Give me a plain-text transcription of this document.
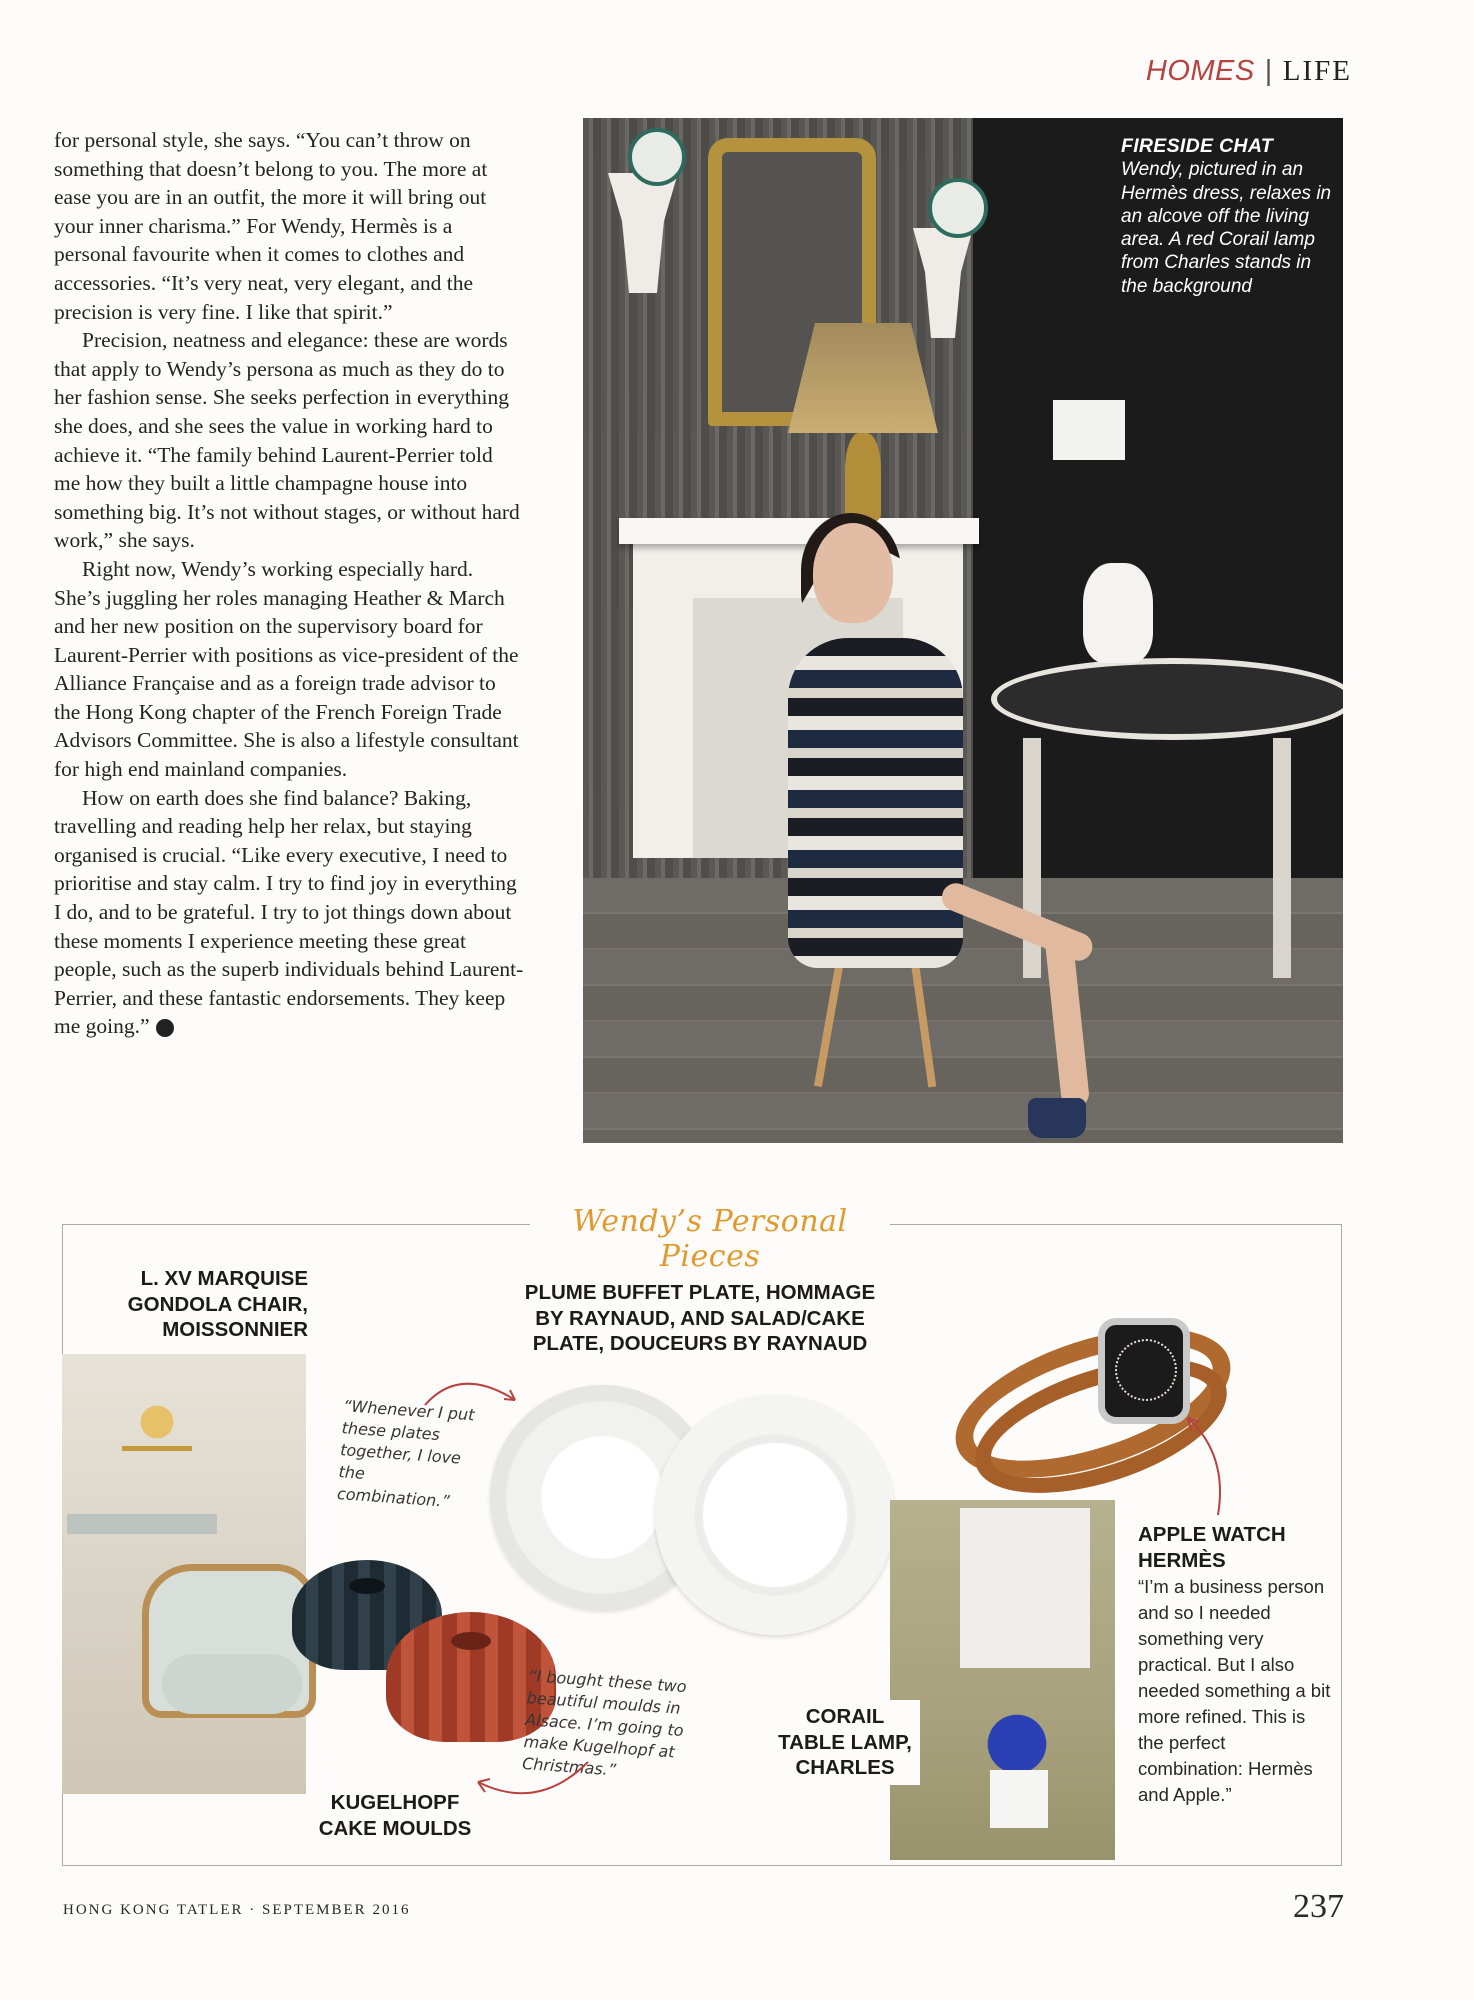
HOMES | LIFE

for personal style, she says. “You can’t throw on something that doesn’t belong to you. The more at ease you are in an outfit, the more it will bring out your inner charisma.” For Wendy, Hermès is a personal favourite when it comes to clothes and accessories. “It’s very neat, very elegant, and the precision is very fine. I like that spirit.”

Precision, neatness and elegance: these are words that apply to Wendy’s persona as much as they do to her fashion sense. She seeks perfection in everything she does, and she sees the value in working hard to achieve it. “The family behind Laurent-Perrier told me how they built a little champagne house into something big. It’s not without stages, or without hard work,” she says.

Right now, Wendy’s working especially hard. She’s juggling her roles managing Heather & March and her new position on the supervisory board for Laurent-Perrier with positions as vice-president of the Alliance Française and as a foreign trade advisor to the Hong Kong chapter of the French Foreign Trade Advisors Committee. She is also a lifestyle consultant for high end mainland companies.

How on earth does she find balance? Baking, travelling and reading help her relax, but staying organised is crucial. “Like every executive, I need to prioritise and stay calm. I try to find joy in everything I do, and to be grateful. I try to jot things down about these moments I experience meeting these great people, such as the superb individuals behind Laurent-Perrier, and these fantastic endorsements. They keep me going.”	T

FIRESIDE CHAT
Wendy, pictured in an Hermès dress, relaxes in an alcove off the living area. A red Corail lamp from Charles stands in the background
Wendy’s Personal Pieces
L. XV MARQUISE GONDOLA CHAIR, MOISSONNIER
PLUME BUFFET PLATE, HOMMAGE BY RAYNAUD, AND SALAD/CAKE PLATE, DOUCEURS BY RAYNAUD
“Whenever I put these plates together, I love the combination.”
KUGELHOPF CAKE MOULDS
“I bought these two beautiful moulds in Alsace. I’m going to make Kugelhopf at Christmas.”
CORAIL TABLE LAMP, CHARLES
APPLE WATCH HERMÈS
“I’m a business person and so I needed something very practical. But I also needed something a bit more refined. This is the perfect combination: Hermès and Apple.”
HONG KONG TATLER · SEPTEMBER 2016	237
